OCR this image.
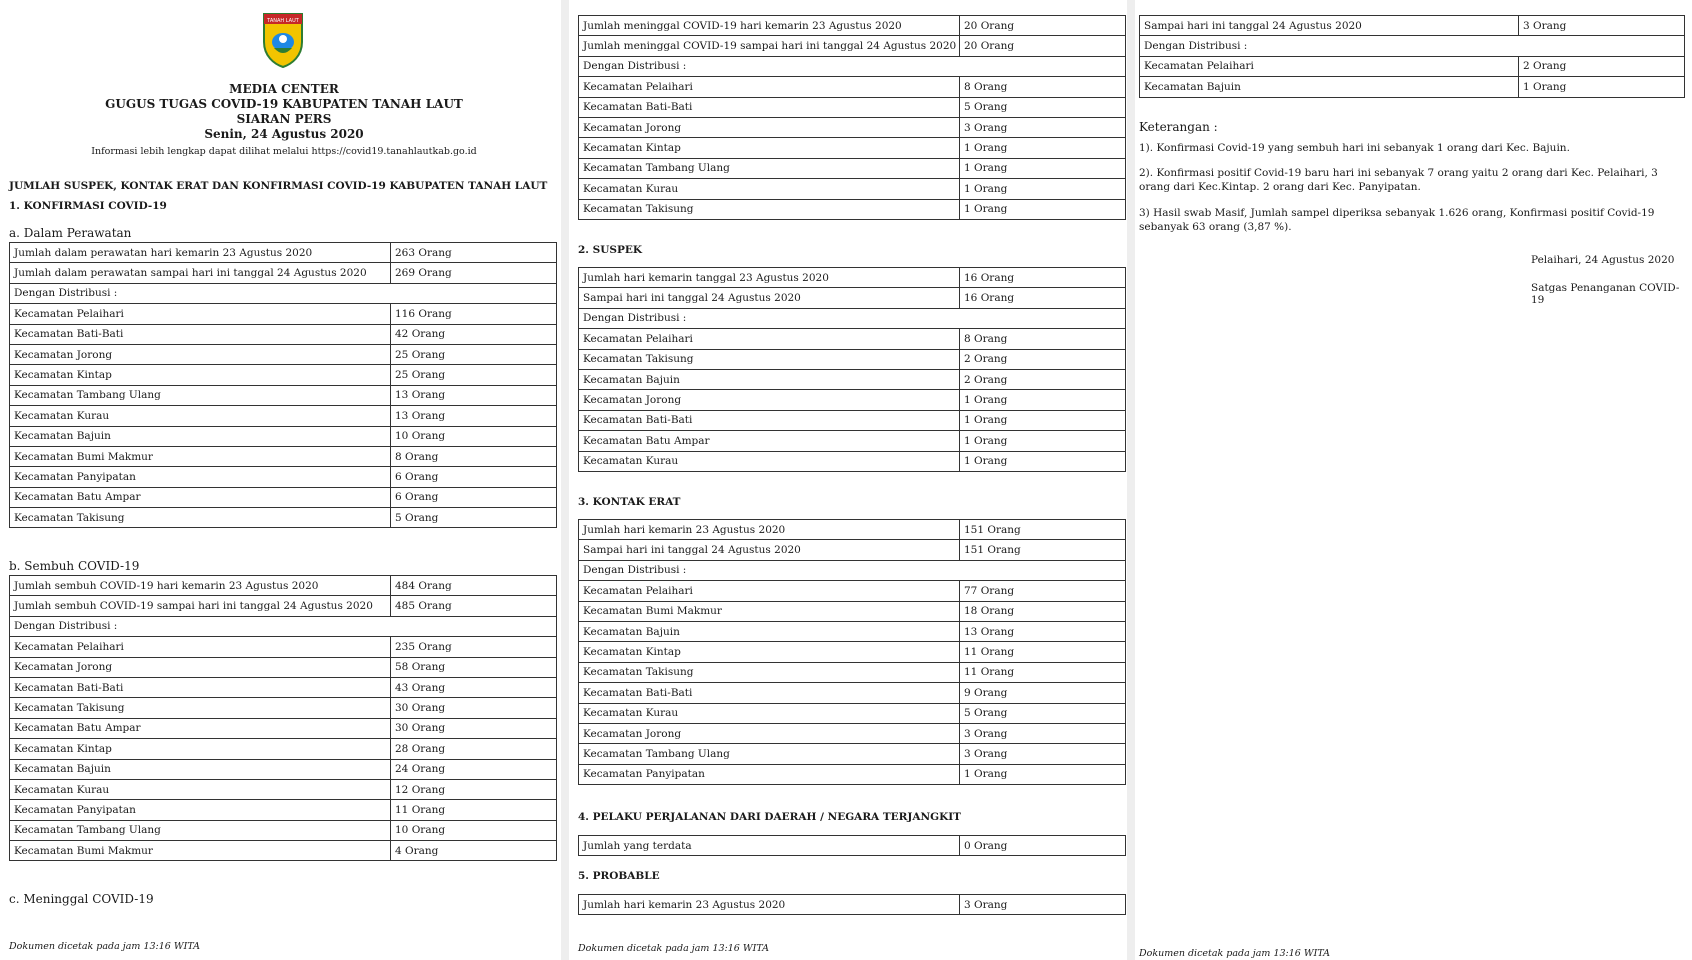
TANAH LAUT
MEDIA CENTER
GUGUS TUGAS COVID-19 KABUPATEN TANAH LAUT
SIARAN PERS
Senin, 24 Agustus 2020
Informasi lebih lengkap dapat dilihat melalui https://covid19.tanahlautkab.go.id
JUMLAH SUSPEK, KONTAK ERAT DAN KONFIRMASI COVID-19 KABUPATEN TANAH LAUT
1. KONFIRMASI COVID-19
a. Dalam Perawatan
Jumlah dalam perawatan hari kemarin 23 Agustus 2020	263 Orang
Jumlah dalam perawatan sampai hari ini tanggal 24 Agustus 2020	269 Orang
Dengan Distribusi :	
Kecamatan Pelaihari	116 Orang
Kecamatan Bati-Bati	42 Orang
Kecamatan Jorong	25 Orang
Kecamatan Kintap	25 Orang
Kecamatan Tambang Ulang	13 Orang
Kecamatan Kurau	13 Orang
Kecamatan Bajuin	10 Orang
Kecamatan Bumi Makmur	8 Orang
Kecamatan Panyipatan	6 Orang
Kecamatan Batu Ampar	6 Orang
Kecamatan Takisung	5 Orang
b. Sembuh COVID-19
Jumlah sembuh COVID-19 hari kemarin 23 Agustus 2020	484 Orang
Jumlah sembuh COVID-19 sampai hari ini tanggal 24 Agustus 2020	485 Orang
Dengan Distribusi :	
Kecamatan Pelaihari	235 Orang
Kecamatan Jorong	58 Orang
Kecamatan Bati-Bati	43 Orang
Kecamatan Takisung	30 Orang
Kecamatan Batu Ampar	30 Orang
Kecamatan Kintap	28 Orang
Kecamatan Bajuin	24 Orang
Kecamatan Kurau	12 Orang
Kecamatan Panyipatan	11 Orang
Kecamatan Tambang Ulang	10 Orang
Kecamatan Bumi Makmur	4 Orang
c. Meninggal COVID-19
Dokumen dicetak pada jam 13:16 WITA
Jumlah meninggal COVID-19 hari kemarin 23 Agustus 2020	20 Orang
Jumlah meninggal COVID-19 sampai hari ini tanggal 24 Agustus 2020	20 Orang
Dengan Distribusi :	
Kecamatan Pelaihari	8 Orang
Kecamatan Bati-Bati	5 Orang
Kecamatan Jorong	3 Orang
Kecamatan Kintap	1 Orang
Kecamatan Tambang Ulang	1 Orang
Kecamatan Kurau	1 Orang
Kecamatan Takisung	1 Orang
2. SUSPEK
Jumlah hari kemarin tanggal 23 Agustus 2020	16 Orang
Sampai hari ini tanggal 24 Agustus 2020	16 Orang
Dengan Distribusi :	
Kecamatan Pelaihari	8 Orang
Kecamatan Takisung	2 Orang
Kecamatan Bajuin	2 Orang
Kecamatan Jorong	1 Orang
Kecamatan Bati-Bati	1 Orang
Kecamatan Batu Ampar	1 Orang
Kecamatan Kurau	1 Orang
3. KONTAK ERAT
Jumlah hari kemarin 23 Agustus 2020	151 Orang
Sampai hari ini tanggal 24 Agustus 2020	151 Orang
Dengan Distribusi :	
Kecamatan Pelaihari	77 Orang
Kecamatan Bumi Makmur	18 Orang
Kecamatan Bajuin	13 Orang
Kecamatan Kintap	11 Orang
Kecamatan Takisung	11 Orang
Kecamatan Bati-Bati	9 Orang
Kecamatan Kurau	5 Orang
Kecamatan Jorong	3 Orang
Kecamatan Tambang Ulang	3 Orang
Kecamatan Panyipatan	1 Orang
4. PELAKU PERJALANAN DARI DAERAH / NEGARA TERJANGKIT
Jumlah yang terdata	0 Orang
5. PROBABLE
Jumlah hari kemarin 23 Agustus 2020	3 Orang
Dokumen dicetak pada jam 13:16 WITA
Sampai hari ini tanggal 24 Agustus 2020	3 Orang
Dengan Distribusi :	
Kecamatan Pelaihari	2 Orang
Kecamatan Bajuin	1 Orang
Dokumen dicetak pada jam 13:16 WITA
Keterangan :
1). Konfirmasi Covid-19 yang sembuh hari ini sebanyak 1 orang dari Kec. Bajuin.
2). Konfirmasi positif Covid-19 baru hari ini sebanyak 7 orang yaitu 2 orang dari Kec. Pelaihari, 3 orang dari Kec.Kintap. 2 orang dari Kec. Panyipatan.
3) Hasil swab Masif, Jumlah sampel diperiksa sebanyak 1.626 orang, Konfirmasi positif Covid-19 sebanyak 63 orang (3,87 %).
Pelaihari, 24 Agustus 2020
Satgas Penanganan COVID-19
